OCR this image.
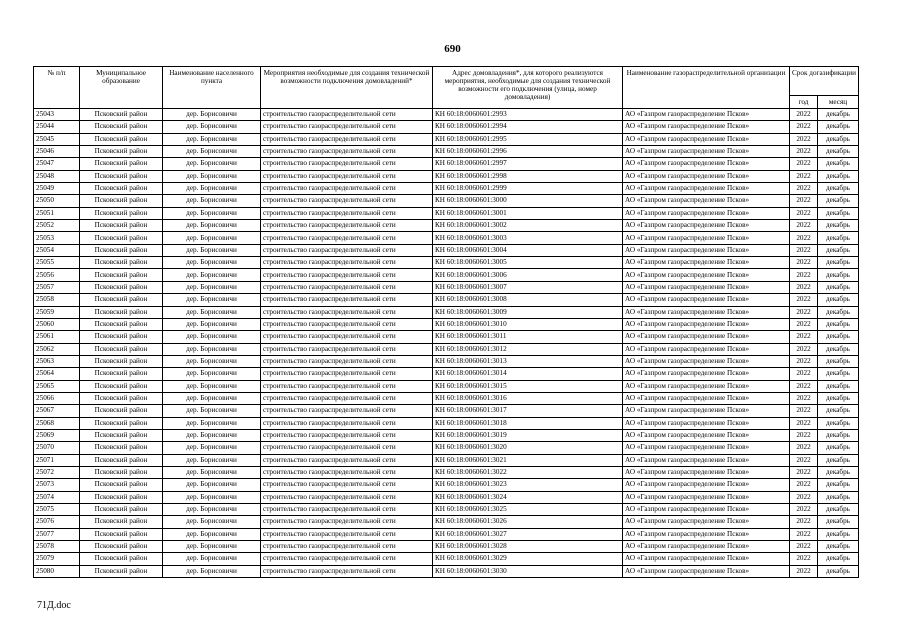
690
№ п/п	Муниципальное образование	Наименование населенного пункта	Мероприятия необходимые для создания технической возможности подключения домовладений*	Адрес домовладения*, для которого реализуются мероприятия, необходимые для создания технической возможности его подключения (улица, номер домовладения)	Наименование газораспределительной организации	Срок догазификации	
						год	месяц
25043	Псковский район	дер. Борисовичи	строительство газораспределительной сети	КН 60:18:0060601:2993	АО «Газпром газораспределение Псков»	2022	декабрь
25044	Псковский район	дер. Борисовичи	строительство газораспределительной сети	КН 60:18:0060601:2994	АО «Газпром газораспределение Псков»	2022	декабрь
25045	Псковский район	дер. Борисовичи	строительство газораспределительной сети	КН 60:18:0060601:2995	АО «Газпром газораспределение Псков»	2022	декабрь
25046	Псковский район	дер. Борисовичи	строительство газораспределительной сети	КН 60:18:0060601:2996	АО «Газпром газораспределение Псков»	2022	декабрь
25047	Псковский район	дер. Борисовичи	строительство газораспределительной сети	КН 60:18:0060601:2997	АО «Газпром газораспределение Псков»	2022	декабрь
25048	Псковский район	дер. Борисовичи	строительство газораспределительной сети	КН 60:18:0060601:2998	АО «Газпром газораспределение Псков»	2022	декабрь
25049	Псковский район	дер. Борисовичи	строительство газораспределительной сети	КН 60:18:0060601:2999	АО «Газпром газораспределение Псков»	2022	декабрь
25050	Псковский район	дер. Борисовичи	строительство газораспределительной сети	КН 60:18:0060601:3000	АО «Газпром газораспределение Псков»	2022	декабрь
25051	Псковский район	дер. Борисовичи	строительство газораспределительной сети	КН 60:18:0060601:3001	АО «Газпром газораспределение Псков»	2022	декабрь
25052	Псковский район	дер. Борисовичи	строительство газораспределительной сети	КН 60:18:0060601:3002	АО «Газпром газораспределение Псков»	2022	декабрь
25053	Псковский район	дер. Борисовичи	строительство газораспределительной сети	КН 60:18:0060601:3003	АО «Газпром газораспределение Псков»	2022	декабрь
25054	Псковский район	дер. Борисовичи	строительство газораспределительной сети	КН 60:18:0060601:3004	АО «Газпром газораспределение Псков»	2022	декабрь
25055	Псковский район	дер. Борисовичи	строительство газораспределительной сети	КН 60:18:0060601:3005	АО «Газпром газораспределение Псков»	2022	декабрь
25056	Псковский район	дер. Борисовичи	строительство газораспределительной сети	КН 60:18:0060601:3006	АО «Газпром газораспределение Псков»	2022	декабрь
25057	Псковский район	дер. Борисовичи	строительство газораспределительной сети	КН 60:18:0060601:3007	АО «Газпром газораспределение Псков»	2022	декабрь
25058	Псковский район	дер. Борисовичи	строительство газораспределительной сети	КН 60:18:0060601:3008	АО «Газпром газораспределение Псков»	2022	декабрь
25059	Псковский район	дер. Борисовичи	строительство газораспределительной сети	КН 60:18:0060601:3009	АО «Газпром газораспределение Псков»	2022	декабрь
25060	Псковский район	дер. Борисовичи	строительство газораспределительной сети	КН 60:18:0060601:3010	АО «Газпром газораспределение Псков»	2022	декабрь
25061	Псковский район	дер. Борисовичи	строительство газораспределительной сети	КН 60:18:0060601:3011	АО «Газпром газораспределение Псков»	2022	декабрь
25062	Псковский район	дер. Борисовичи	строительство газораспределительной сети	КН 60:18:0060601:3012	АО «Газпром газораспределение Псков»	2022	декабрь
25063	Псковский район	дер. Борисовичи	строительство газораспределительной сети	КН 60:18:0060601:3013	АО «Газпром газораспределение Псков»	2022	декабрь
25064	Псковский район	дер. Борисовичи	строительство газораспределительной сети	КН 60:18:0060601:3014	АО «Газпром газораспределение Псков»	2022	декабрь
25065	Псковский район	дер. Борисовичи	строительство газораспределительной сети	КН 60:18:0060601:3015	АО «Газпром газораспределение Псков»	2022	декабрь
25066	Псковский район	дер. Борисовичи	строительство газораспределительной сети	КН 60:18:0060601:3016	АО «Газпром газораспределение Псков»	2022	декабрь
25067	Псковский район	дер. Борисовичи	строительство газораспределительной сети	КН 60:18:0060601:3017	АО «Газпром газораспределение Псков»	2022	декабрь
25068	Псковский район	дер. Борисовичи	строительство газораспределительной сети	КН 60:18:0060601:3018	АО «Газпром газораспределение Псков»	2022	декабрь
25069	Псковский район	дер. Борисовичи	строительство газораспределительной сети	КН 60:18:0060601:3019	АО «Газпром газораспределение Псков»	2022	декабрь
25070	Псковский район	дер. Борисовичи	строительство газораспределительной сети	КН 60:18:0060601:3020	АО «Газпром газораспределение Псков»	2022	декабрь
25071	Псковский район	дер. Борисовичи	строительство газораспределительной сети	КН 60:18:0060601:3021	АО «Газпром газораспределение Псков»	2022	декабрь
25072	Псковский район	дер. Борисовичи	строительство газораспределительной сети	КН 60:18:0060601:3022	АО «Газпром газораспределение Псков»	2022	декабрь
25073	Псковский район	дер. Борисовичи	строительство газораспределительной сети	КН 60:18:0060601:3023	АО «Газпром газораспределение Псков»	2022	декабрь
25074	Псковский район	дер. Борисовичи	строительство газораспределительной сети	КН 60:18:0060601:3024	АО «Газпром газораспределение Псков»	2022	декабрь
25075	Псковский район	дер. Борисовичи	строительство газораспределительной сети	КН 60:18:0060601:3025	АО «Газпром газораспределение Псков»	2022	декабрь
25076	Псковский район	дер. Борисовичи	строительство газораспределительной сети	КН 60:18:0060601:3026	АО «Газпром газораспределение Псков»	2022	декабрь
25077	Псковский район	дер. Борисовичи	строительство газораспределительной сети	КН 60:18:0060601:3027	АО «Газпром газораспределение Псков»	2022	декабрь
25078	Псковский район	дер. Борисовичи	строительство газораспределительной сети	КН 60:18:0060601:3028	АО «Газпром газораспределение Псков»	2022	декабрь
25079	Псковский район	дер. Борисовичи	строительство газораспределительной сети	КН 60:18:0060601:3029	АО «Газпром газораспределение Псков»	2022	декабрь
25080	Псковский район	дер. Борисовичи	строительство газораспределительной сети	КН 60:18:0060601:3030	АО «Газпром газораспределение Псков»	2022	декабрь
71Д.doc
